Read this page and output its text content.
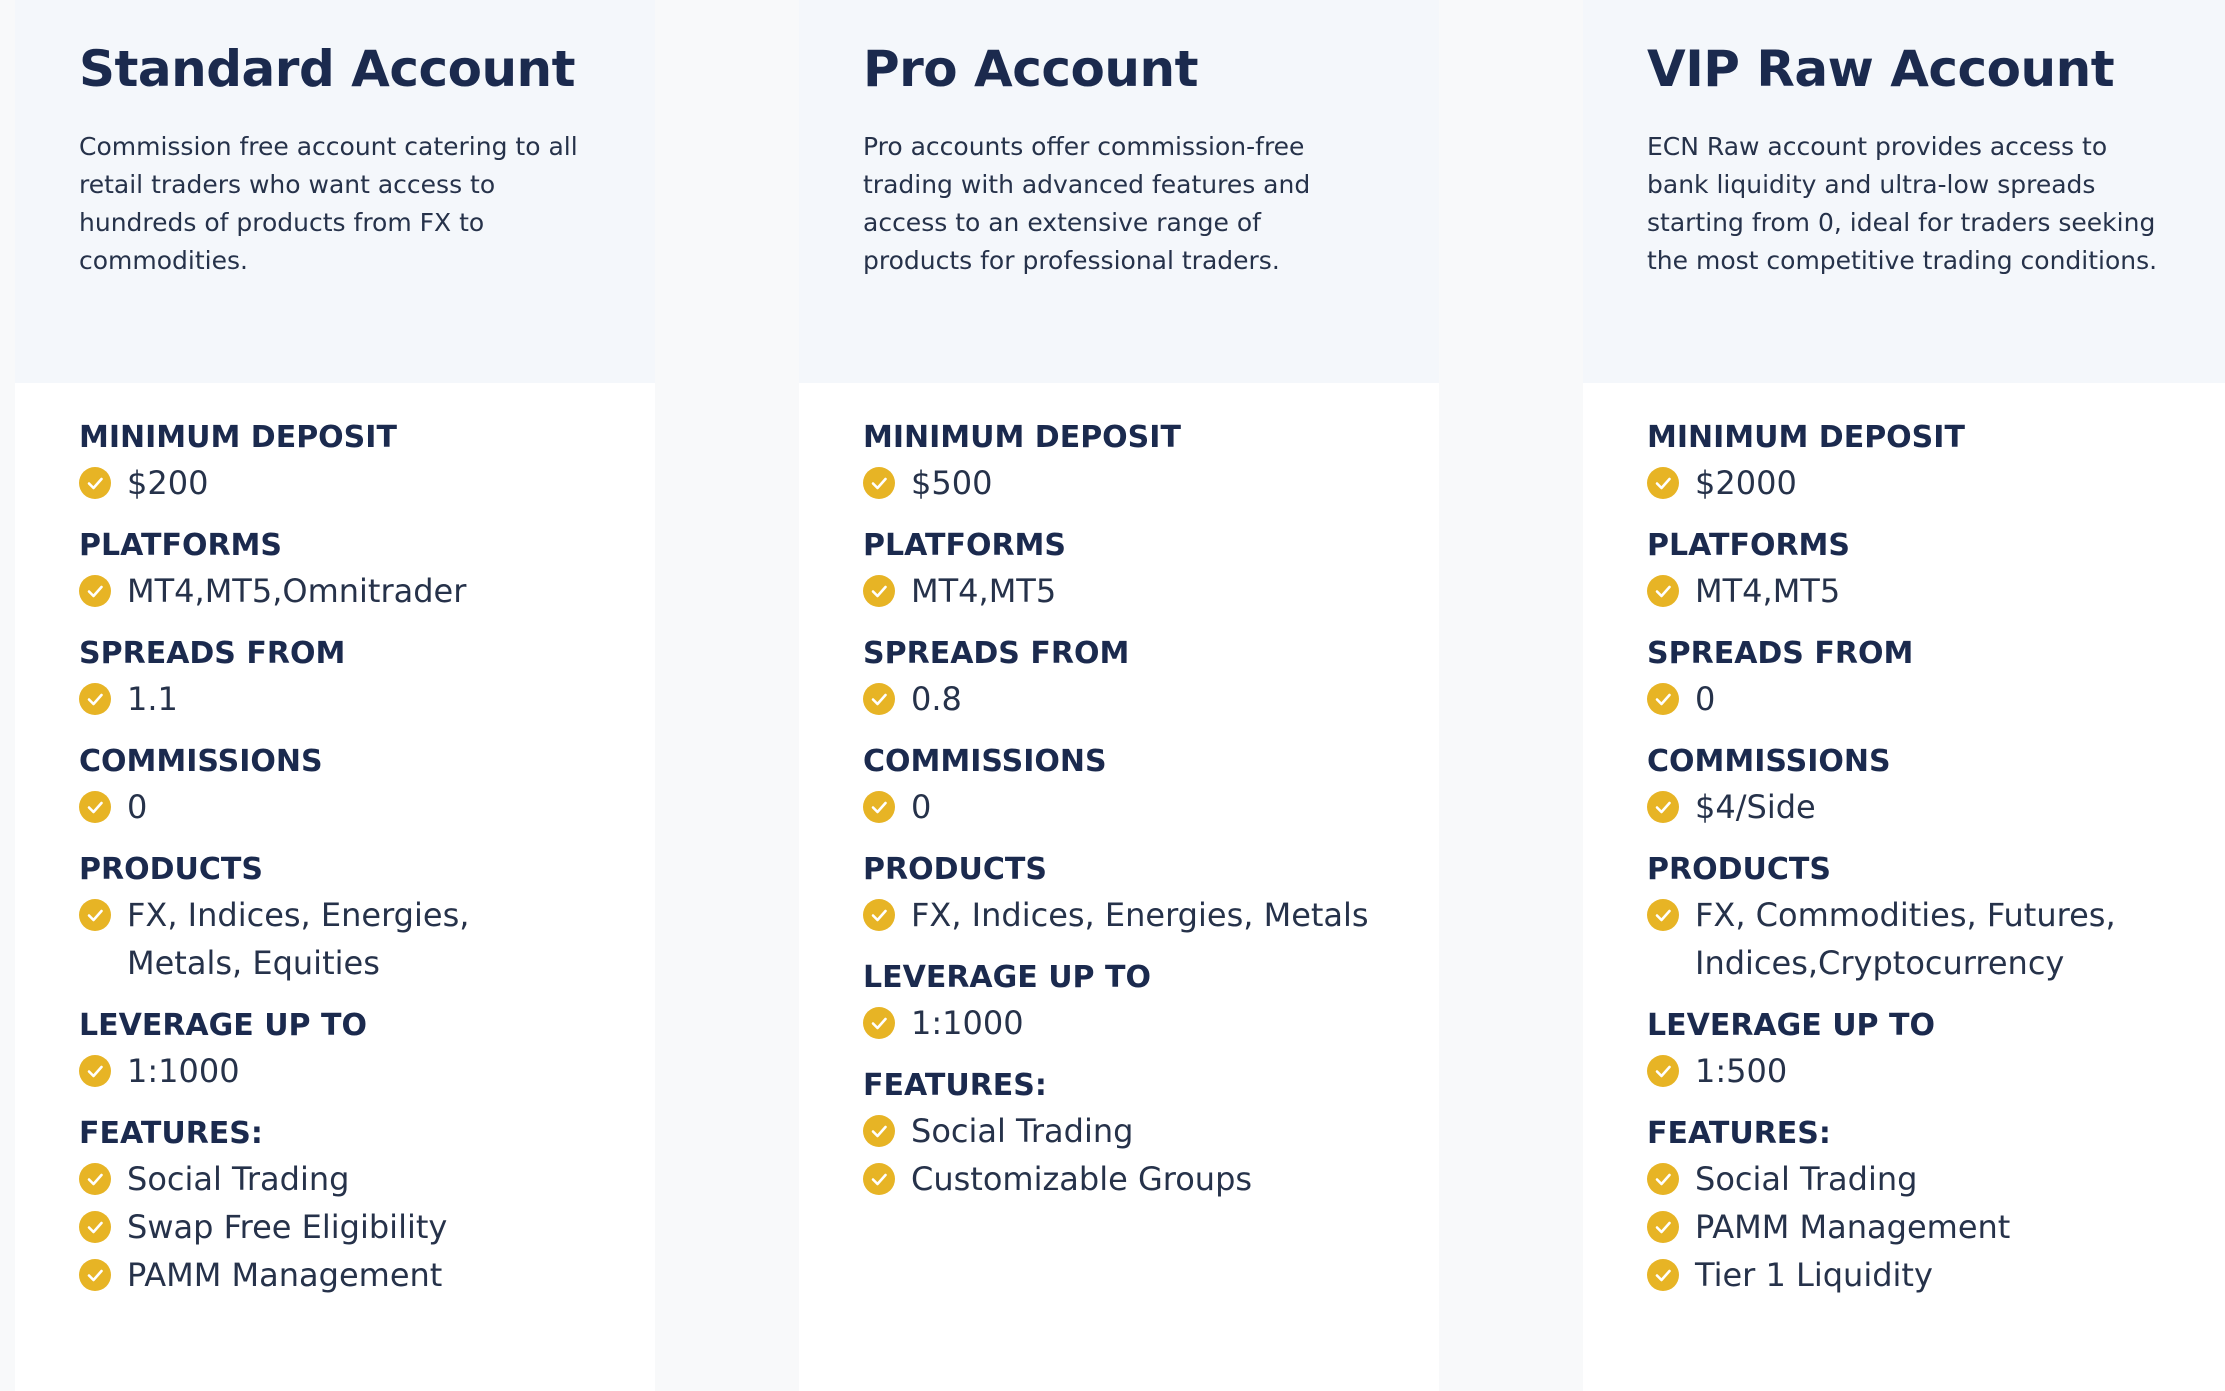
Standard Account

Commission free account catering to all retail traders who want access to hundreds of products from FX to commodities.

MINIMUM DEPOSIT
$200
PLATFORMS
MT4,MT5,Omnitrader
SPREADS FROM
1.1
COMMISSIONS
0
PRODUCTS
FX, Indices, Energies, Metals, Equities
LEVERAGE UP TO
1:1000
FEATURES:
Social Trading
Swap Free Eligibility
PAMM Management
Pro Account

Pro accounts offer commission-free trading with advanced features and access to an extensive range of products for professional traders.

MINIMUM DEPOSIT
$500
PLATFORMS
MT4,MT5
SPREADS FROM
0.8
COMMISSIONS
0
PRODUCTS
FX, Indices, Energies, Metals
LEVERAGE UP TO
1:1000
FEATURES:
Social Trading
Customizable Groups
VIP Raw Account

ECN Raw account provides access to bank liquidity and ultra-low spreads starting from 0, ideal for traders seeking the most competitive trading conditions.

MINIMUM DEPOSIT
$2000
PLATFORMS
MT4,MT5
SPREADS FROM
0
COMMISSIONS
$4/Side
PRODUCTS
FX, Commodities, Futures, Indices,Cryptocurrency
LEVERAGE UP TO
1:500
FEATURES:
Social Trading
PAMM Management
Tier 1 Liquidity
